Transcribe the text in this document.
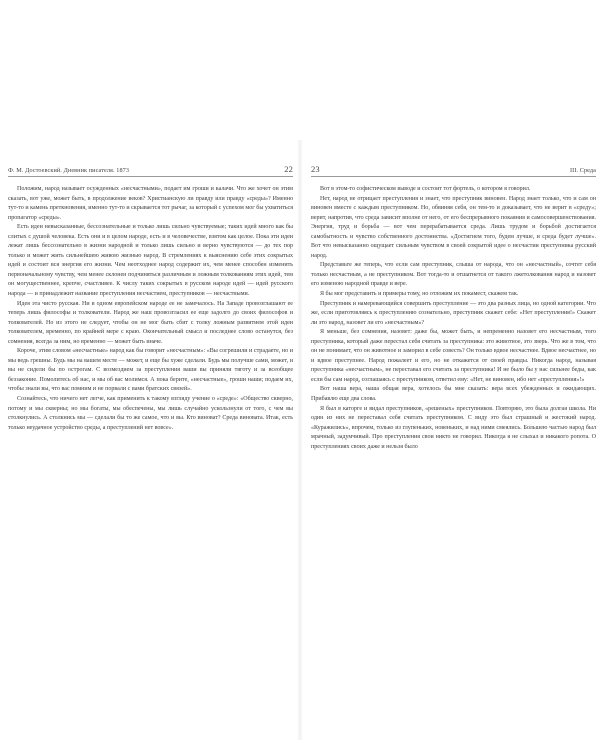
Ф. М. Достоевский. Дневник писателя. 1873	22

Положим, народ называет осужденных «несчастными», подает им гроши и калачи. Что же хочет он этим сказать, вот уже, может быть, в продолжение веков? Христианскую ли правду или правду «среды»? Именно тут-то и камень преткновения, именно тут-то и скрывается тот рычаг, за который с успехом мог бы ухватиться пропагатор «среды».

Есть идеи невысказанные, бессознательные и только лишь сильно чувствуемые; таких идей много как бы слитых с душой человека. Есть они и в целом народе, есть и в человечестве, взятом как целое. Пока эти идеи лежат лишь бессознательно в жизни народной и только лишь сильно и верно чувствуются — до тех пор только и может жить сильнейшею живою жизнью народ. В стремлениях к выяснению себе этих сокрытых идей и состоит вся энергия его жизни. Чем неотходнее народ содержит их, чем менее способен изменить первоначальному чувству, чем менее склонен подчиняться различным и ложным толкованиям этих идей, тем он могущественнее, крепче, счастливее. К числу таких сокрытых в русском народе идей — идей русского народа — и принадлежит название преступления несчастием, преступников — несчастными.

Идея эта чисто русская. Ни в одном европейском народе ее не замечалось. На Западе провозглашают ее теперь лишь философы и толкователи. Народ же наш провозгласил ее еще задолго до своих философов и толкователей. Но из этого не следует, чтобы он не мог быть сбит с толку ложным развитием этой идеи толкователем, временно, по крайней мере с краю. Окончательный смысл и последнее слово останутся, без сомнения, всегда за ним, но временно — может быть иначе.

Короче, этим словом «несчастные» народ как бы говорит «несчастным»: «Вы согрешили и страдаете, но и мы ведь грешны. Будь мы на вашем месте — может, и еще бы хуже сделали. Будь мы получше сами, может, и вы не сидели бы по острогам. С возмездием за преступления ваши вы приняли тяготу и за всеобщее беззаконие. Помолитесь об нас, и мы об вас молимся. А пока берите, «несчастные», гроши наши; подаем их, чтобы знали вы, что вас помним и не порвали с вами братских связей».

Сознайтесь, что ничего нет легче, как применить к такому взгляду учение о «среде»: «Общество скверно, потому и мы скверны; но мы богаты, мы обеспечены, мы лишь случайно ускользнули от того, с чем вы столкнулись. А столкнись мы — сделали бы то же самое, что и вы. Кто виноват? Среда виновата. Итак, есть только неудачное устройство среды, а преступлений нет вовсе».

23	III. Среда

Вот в этом-то софистическом выводе и состоит тот фортель, о котором я говорил.

Нет, народ не отрицает преступления и знает, что преступник виновен. Народ знает только, что и сам он виновен вместе с каждым преступником. Но, обвиняя себя, он тем-то и доказывает, что не верит в «среду»; верит, напротив, что среда зависит вполне от него, от его беспрерывного покаяния и самосовершенствования. Энергия, труд и борьба — вот чем перерабатывается среда. Лишь трудом и борьбой достигается самобытность и чувство собственного достоинства. «Достигнем того, будем лучше, и среда будет лучше». Вот что невысказанно ощущает сильным чувством в своей сокрытой идее о несчастии преступника русский народ.

Представьте же теперь, что если сам преступник, слыша от народа, что он «несчастный», сочтет себя только несчастным, а не преступником. Вот тогда-то и отшатнется от такого лжетолкования народ и назовет его изменою народной правде и вере.

Я бы мог представить и примеры тому, но отложим их покамест, скажем так.

Преступник и намеревающийся совершить преступление — это два разных лица, но одной категории. Что же, если приготовляясь к преступлению сознательно, преступник скажет себе: «Нет преступления!» Скажет ли это народ, назовет ли его «несчастным»?

Я меньше, без сомнения, назовет: даже бы, может быть, и непременно назовет его несчастным, того преступника, который даже перестал себя считать за преступника: это животное, это зверь. Что же в том, что он не понимает, что он животное и заморил в себе совесть? Он только вдвое несчастнее. Вдвое несчастнее, но и вдвое преступнее. Народ пожалеет и его, но не откажется от своей правды. Никогда народ, называя преступника «несчастным», не переставал его считать за преступника! И не было бы у нас сильнее беды, как если бы сам народ, соглашаясь с преступником, ответил ему: «Нет, не виновен, ибо нет «преступления»!»

Вот наша вера, наша общая вера, хотелось бы мне сказать: вера всех убежденных и ожидающих. Прибавлю еще два слова.

Я был в каторге и видал преступников, «решеных» преступников. Повторяю, это была долгая школа. Ни один из них не переставал себя считать преступником. С виду это был страшный и жестокий народ. «Куражились», впрочем, только из глупеньких, новеньких, и над ними смеялись. Большею частью народ был мрачный, задумчивый. Про преступления свои никто не говорил. Никогда я не слыхал и никакого ропота. О преступлениях своих даже и нельзя было
